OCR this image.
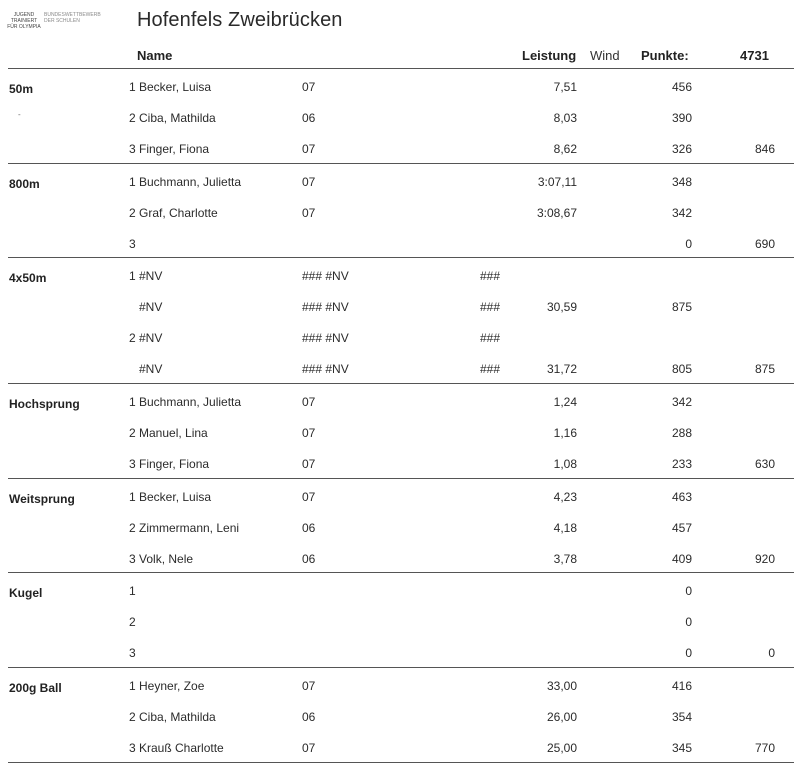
JUGEND TRAINIERT FÜR OLYMPIA
BUNDESWETTBEWERB DER SCHULEN	Hofenfels Zweibrücken
Name	Leistung Wind Punkte:	4731
50m	1 Becker, Luisa	07	7,51	456
2 Ciba, Mathilda	06	8,03	390
3 Finger, Fiona	07	8,62	326	846
800m	1 Buchmann, Julietta	07	3:07,11	348
2 Graf, Charlotte	07	3:08,67	342
3	0	690
4x50m	1 #NV	### #NV	###
#NV	### #NV	###	30,59	875
2 #NV	### #NV	###
#NV	### #NV	###	31,72	805	875
Hochsprung	1 Buchmann, Julietta	07	1,24	342
2 Manuel, Lina	07	1,16	288
3 Finger, Fiona	07	1,08	233	630
Weitsprung	1 Becker, Luisa	07	4,23	463
2 Zimmermann, Leni	06	4,18	457
3 Volk, Nele	06	3,78	409	920
Kugel	1	0
2	0
3	0	0
200g Ball	1 Heyner, Zoe	07	33,00	416
2 Ciba, Mathilda	06	26,00	354
3 Krauß Charlotte	07	25,00	345	770
-
